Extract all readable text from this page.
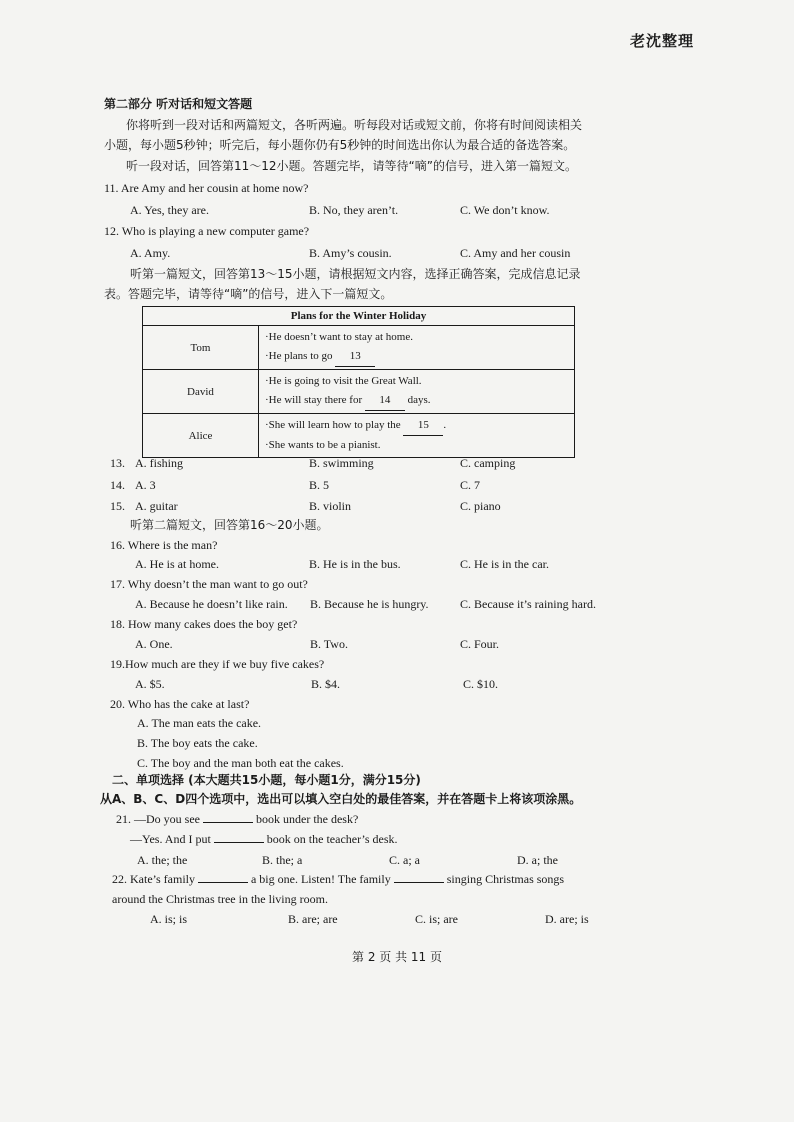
老沈整理
第二部分 听对话和短文答题
你将听到一段对话和两篇短文，各听两遍。听每段对话或短文前，你将有时间阅读相关
小题，每小题5秒钟；听完后，每小题你仍有5秒钟的时间选出你认为最合适的备选答案。
听一段对话，回答第11～12小题。答题完毕，请等待“嘀”的信号，进入第一篇短文。
11. Are Amy and her cousin at home now?
A. Yes, they are.	B. No, they aren’t.	C. We don’t know.
12. Who is playing a new computer game?
A. Amy.	B. Amy’s cousin.	C. Amy and her cousin
听第一篇短文，回答第13～15小题，请根据短文内容，选择正确答案，完成信息记录
表。答题完毕，请等待“嘀”的信号，进入下一篇短文。
Plans for the Winter Holiday	
Tom	·He doesn’t want to stay at home.
·He plans to go 13

David	·He is going to visit the Great Wall.
·He will stay there for 14 days.

Alice	·She will learn how to play the 15 .
·She wants to be a pianist.
13. A. fishing	B. swimming	C. camping
14. A. 3	B. 5	C. 7
15. A. guitar	B. violin	C. piano
听第二篇短文，回答第16～20小题。
16. Where is the man?
A. He is at home.	B. He is in the bus.	C. He is in the car.
17. Why doesn’t the man want to go out?
A. Because he doesn’t like rain. B. Because he is hungry.	C. Because it’s raining hard.
18. How many cakes does the boy get?
A. One.	B. Two.	C. Four.
19.How much are they if we buy five cakes?
A. $5.	B. $4.	C. $10.
20. Who has the cake at last?
A. The man eats the cake.
B. The boy eats the cake.
C. The boy and the man both eat the cakes.
二、单项选择 (本大题共15小题，每小题1分，满分15分)
从A、B、C、D四个选项中，选出可以填入空白处的最佳答案，并在答题卡上将该项涂黑。
21. —Do you see	book under the desk?
—Yes. And I put	book on the teacher’s desk.
A. the; the	B. the; a	C. a; a	D. a; the
22. Kate’s family	a big one. Listen! The family	singing Christmas songs
around the Christmas tree in the living room.
A. is; is	B. are; are	C. is; are	D. are; is
第 2 页 共 11 页
